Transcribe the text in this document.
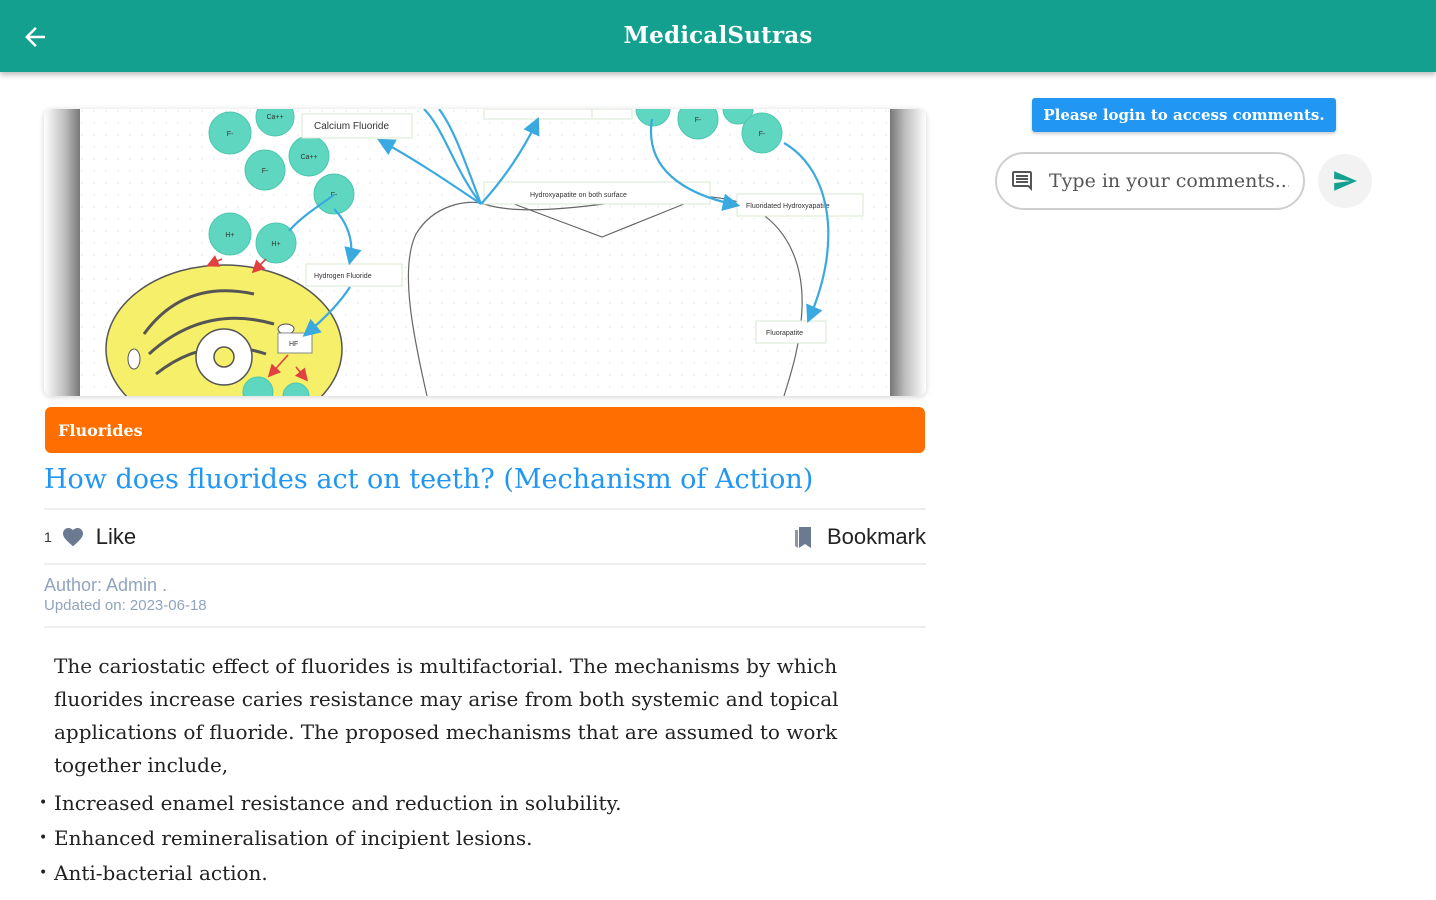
MedicalSutras
F-
Ca++
F-
Ca++
F-
H+
H+
F-
F-
Calcium Fluoride
Hydroxyapatite on both surface
Fluoridated Hydroxyapatite
Hydrogen Fluoride
Fluorapatite
HF
Fluorides
How does fluorides act on teeth? (Mechanism of Action)
1 Like	Bookmark
Author: Admin .
Updated on: 2023-06-18

The cariostatic effect of fluorides is multifactorial. The mechanisms by which fluorides increase caries resistance may arise from both systemic and topical applications of fluoride. The proposed mechanisms that are assumed to work together include,

• Increased enamel resistance and reduction in solubility.
• Enhanced remineralisation of incipient lesions.
• Anti-bacterial action.
Please login to access comments.
Type in your comments...
